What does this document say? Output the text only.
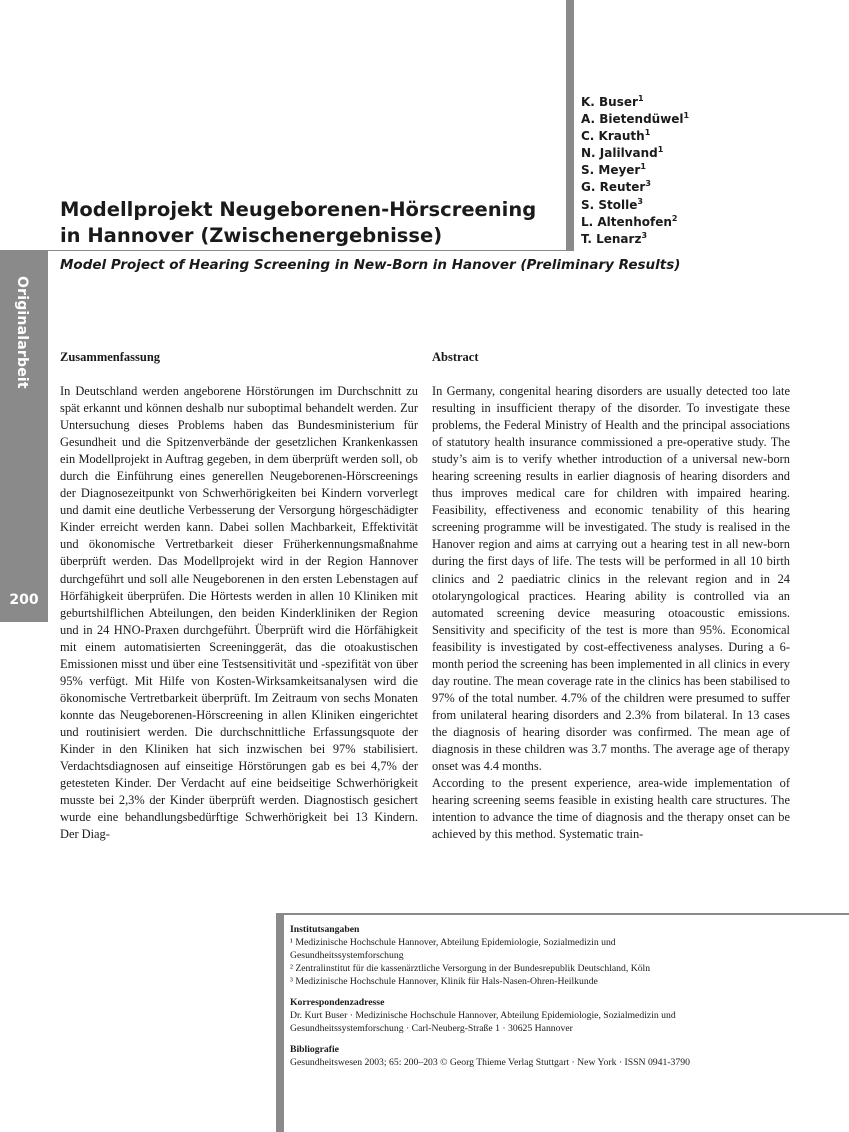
Originalarbeit
200
K. Buser$^1$
A. Bietendüwel$^1$
C. Krauth$^1$
N. Jalilvand$^1$
S. Meyer$^1$
G. Reuter$^3$
S. Stolle$^3$
L. Altenhofen$^2$
T. Lenarz$^3$
Modellprojekt Neugeborenen-Hörscreening in Hannover (Zwischenergebnisse)
Model Project of Hearing Screening in New-Born in Hanover (Preliminary Results)
Zusammenfassung	Abstract

In Deutschland werden angeborene Hörstörungen im Durchschnitt zu spät erkannt und können deshalb nur suboptimal behandelt werden. Zur Untersuchung dieses Problems haben das Bundesministerium für Gesundheit und die Spitzenverbände der gesetzlichen Krankenkassen ein Modellprojekt in Auftrag gegeben, in dem überprüft werden soll, ob durch die Einführung eines generellen Neugeborenen-Hörscreenings der Diagnosezeitpunkt von Schwerhörigkeiten bei Kindern vorverlegt und damit eine deutliche Verbesserung der Versorgung hörgeschädigter Kinder erreicht werden kann. Dabei sollen Machbarkeit, Effektivität und ökonomische Vertretbarkeit dieser Früherkennungsmaßnahme überprüft werden. Das Modellprojekt wird in der Region Hannover durchgeführt und soll alle Neugeborenen in den ersten Lebenstagen auf Hörfähigkeit überprüfen. Die Hörtests werden in allen 10 Kliniken mit geburtshilflichen Abteilungen, den beiden Kinderkliniken der Region und in 24 HNO-Praxen durchgeführt. Überprüft wird die Hörfähigkeit mit einem automatisierten Screeninggerät, das die otoakustischen Emissionen misst und über eine Testsensitivität und -spezifität von über 95% verfügt. Mit Hilfe von Kosten-Wirksamkeitsanalysen wird die ökonomische Vertretbarkeit überprüft. Im Zeitraum von sechs Monaten konnte das Neugeborenen-Hörscreening in allen Kliniken eingerichtet und routinisiert werden. Die durchschnittliche Erfassungsquote der Kinder in den Kliniken hat sich inzwischen bei 97% stabilisiert. Verdachtsdiagnosen auf einseitige Hörstörungen gab es bei 4,7% der getesteten Kinder. Der Verdacht auf eine beidseitige Schwerhörigkeit musste bei 2,3% der Kinder überprüft werden. Diagnostisch gesichert wurde eine behandlungsbedürftige Schwerhörigkeit bei 13 Kindern. Der Diag-

In Germany, congenital hearing disorders are usually detected too late resulting in insufficient therapy of the disorder. To investigate these problems, the Federal Ministry of Health and the principal associations of statutory health insurance commissioned a pre-operative study. The study’s aim is to verify whether introduction of a universal new-born hearing screening results in earlier diagnosis of hearing disorders and thus improves medical care for children with impaired hearing. Feasibility, effectiveness and economic tenability of this hearing screening programme will be investigated. The study is realised in the Hanover region and aims at carrying out a hearing test in all new-born during the first days of life. The tests will be performed in all 10 birth clinics and 2 paediatric clinics in the relevant region and in 24 otolaryngological practices. Hearing ability is controlled via an automated screening device measuring otoacoustic emissions. Sensitivity and specificity of the test is more than 95%. Economical feasibility is investigated by cost-effectiveness analyses. During a 6-month period the screening has been implemented in all clinics in every day routine. The mean coverage rate in the clinics has been stabilised to 97% of the total number. 4.7% of the children were presumed to suffer from unilateral hearing disorders and 2.3% from bilateral. In 13 cases the diagnosis of hearing disorder was confirmed. The mean age of diagnosis in these children was 3.7 months. The average age of therapy onset was 4.4 months.

According to the present experience, area-wide implementation of hearing screening seems feasible in existing health care structures. The intention to advance the time of diagnosis and the therapy onset can be achieved by this method. Systematic train-

Institutsangaben

¹ Medizinische Hochschule Hannover, Abteilung Epidemiologie, Sozialmedizin und

Gesundheitssystemforschung

² Zentralinstitut für die kassenärztliche Versorgung in der Bundesrepublik Deutschland, Köln

³ Medizinische Hochschule Hannover, Klinik für Hals-Nasen-Ohren-Heilkunde

Korrespondenzadresse

Dr. Kurt Buser · Medizinische Hochschule Hannover, Abteilung Epidemiologie, Sozialmedizin und

Gesundheitssystemforschung · Carl-Neuberg-Straße 1 · 30625 Hannover

Bibliografie

Gesundheitswesen 2003; 65: 200–203 © Georg Thieme Verlag Stuttgart · New York · ISSN 0941-3790
